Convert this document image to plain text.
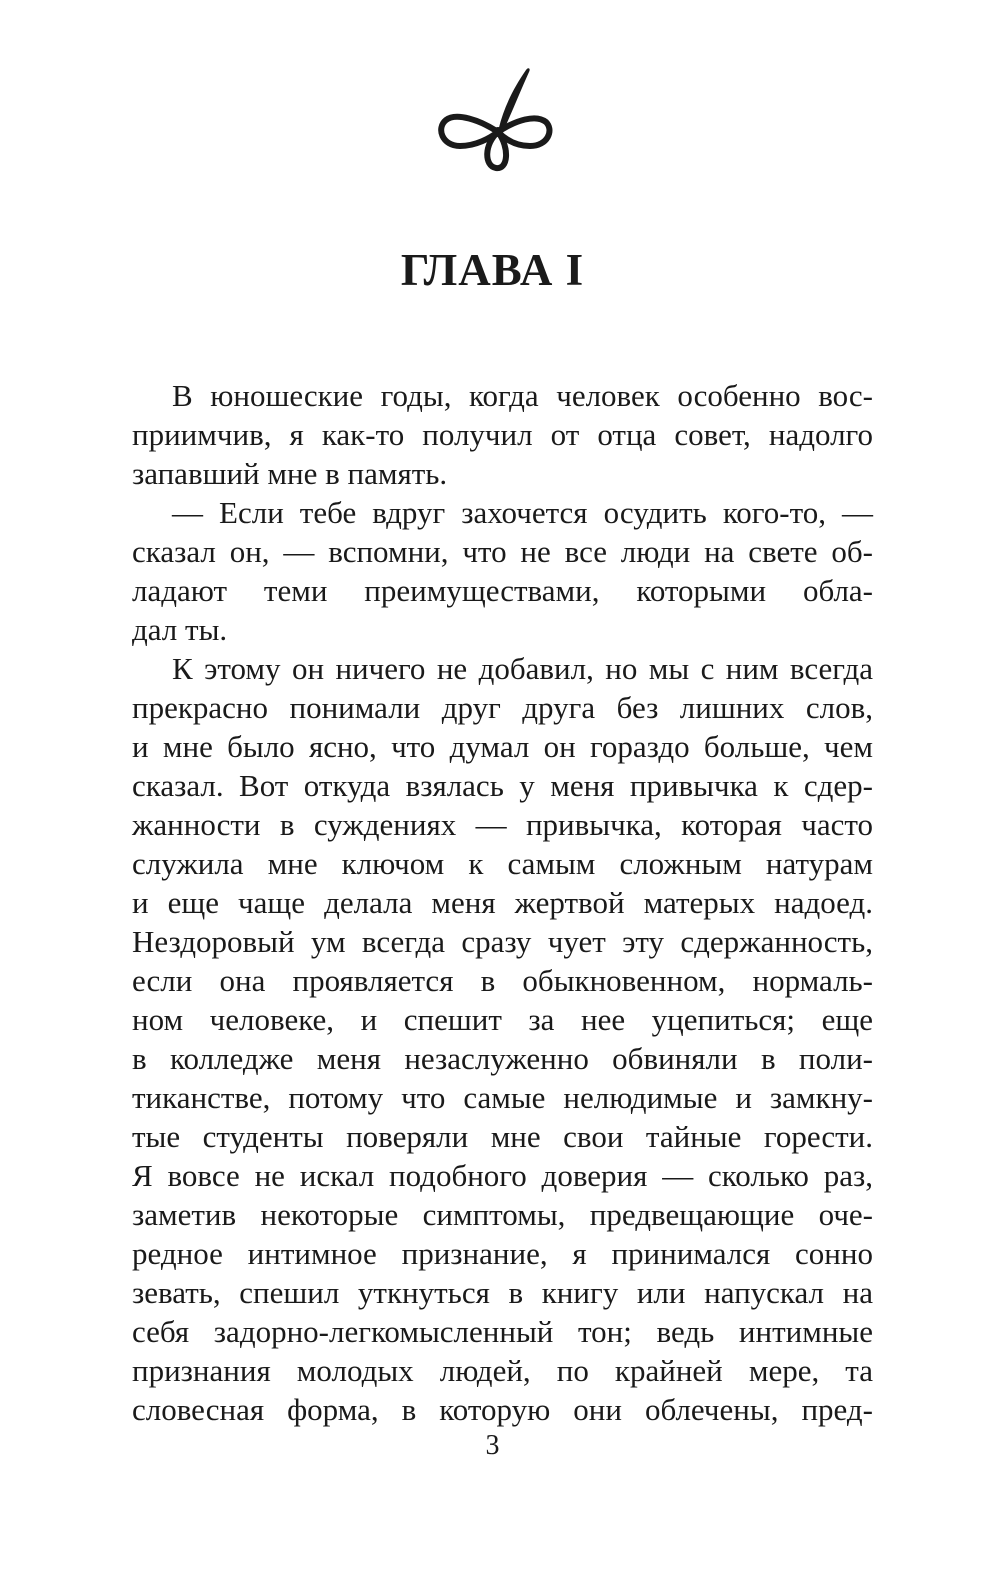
ГЛАВА I
В юношеские годы, когда человек особенно вос-
приимчив, я как-то получил от отца совет, надолго
запавший мне в память.
— Если тебе вдруг захочется осудить кого-то, —
сказал он, — вспомни, что не все люди на свете об-
ладают теми преимуществами, которыми обла-
дал ты.
К этому он ничего не добавил, но мы с ним всегда
прекрасно понимали друг друга без лишних слов,
и мне было ясно, что думал он гораздо больше, чем
сказал. Вот откуда взялась у меня привычка к сдер-
жанности в суждениях — привычка, которая часто
служила мне ключом к самым сложным натурам
и еще чаще делала меня жертвой матерых надоед.
Нездоровый ум всегда сразу чует эту сдержанность,
если она проявляется в обыкновенном, нормаль-
ном человеке, и спешит за нее уцепиться; еще
в колледже меня незаслуженно обвиняли в поли-
тиканстве, потому что самые нелюдимые и замкну-
тые студенты поверяли мне свои тайные горести.
Я вовсе не искал подобного доверия — сколько раз,
заметив некоторые симптомы, предвещающие оче-
редное интимное признание, я принимался сонно
зевать, спешил уткнуться в книгу или напускал на
себя задорно-легкомысленный тон; ведь интимные
признания молодых людей, по крайней мере, та
словесная форма, в которую они облечены, пред-
3
